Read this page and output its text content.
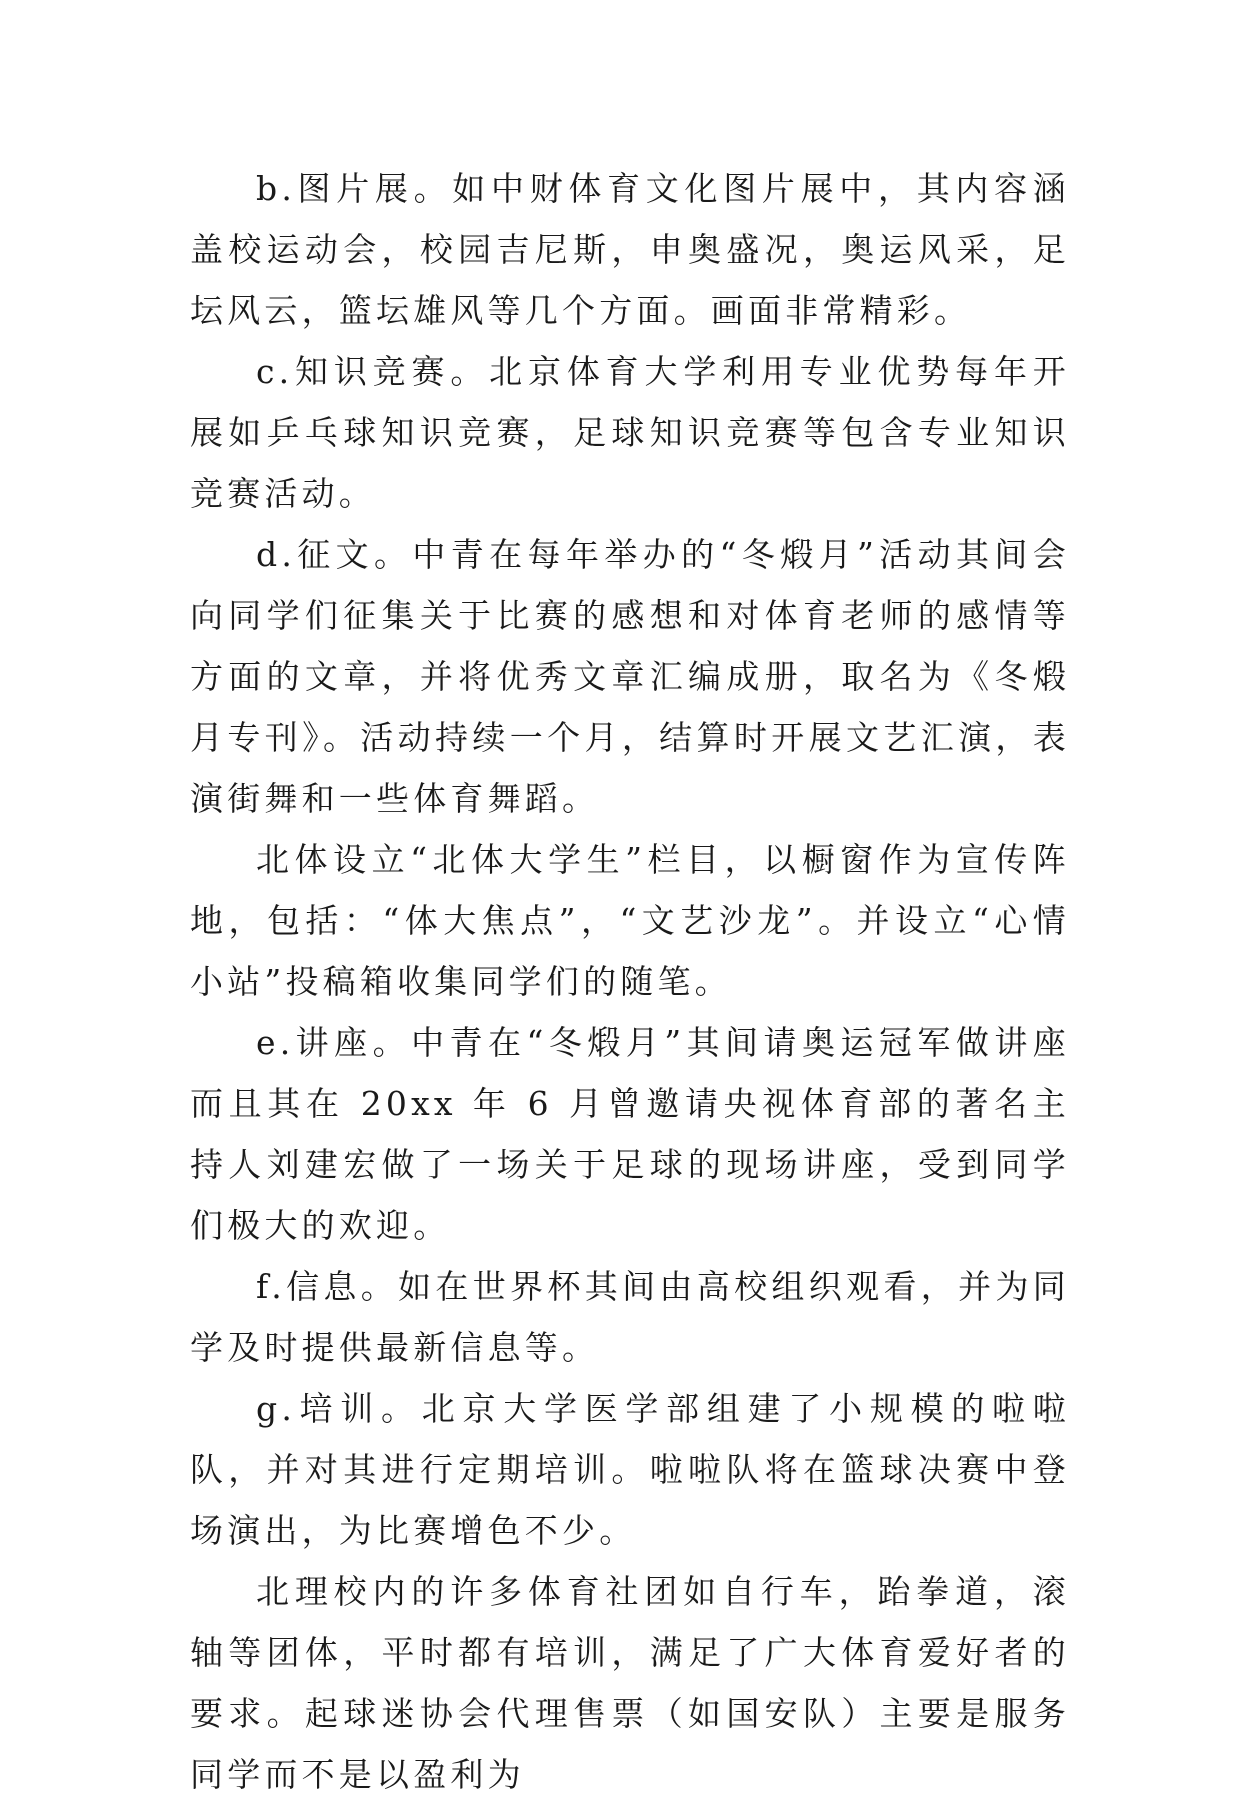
b.图片展。如中财体育文化图片展中，其内容涵盖校运动会，校园吉尼斯，申奥盛况，奥运风采，足坛风云，篮坛雄风等几个方面。画面非常精彩。

c.知识竞赛。北京体育大学利用专业优势每年开展如乒乓球知识竞赛，足球知识竞赛等包含专业知识竞赛活动。

d.征文。中青在每年举办的“冬煅月”活动其间会向同学们征集关于比赛的感想和对体育老师的感情等方面的文章，并将优秀文章汇编成册，取名为《冬煅月专刊》。活动持续一个月，结算时开展文艺汇演，表演街舞和一些体育舞蹈。

北体设立“北体大学生”栏目，以橱窗作为宣传阵地，包括：“体大焦点”，“文艺沙龙”。并设立“心情小站”投稿箱收集同学们的随笔。

e.讲座。中青在“冬煅月”其间请奥运冠军做讲座而且其在 20xx 年 6 月曾邀请央视体育部的著名主持人刘建宏做了一场关于足球的现场讲座，受到同学们极大的欢迎。

f.信息。如在世界杯其间由高校组织观看，并为同学及时提供最新信息等。

g.培训。北京大学医学部组建了小规模的啦啦队，并对其进行定期培训。啦啦队将在篮球决赛中登场演出，为比赛增色不少。

北理校内的许多体育社团如自行车，跆拳道，滚轴等团体，平时都有培训，满足了广大体育爱好者的要求。起球迷协会代理售票（如国安队）主要是服务同学而不是以盈利为
